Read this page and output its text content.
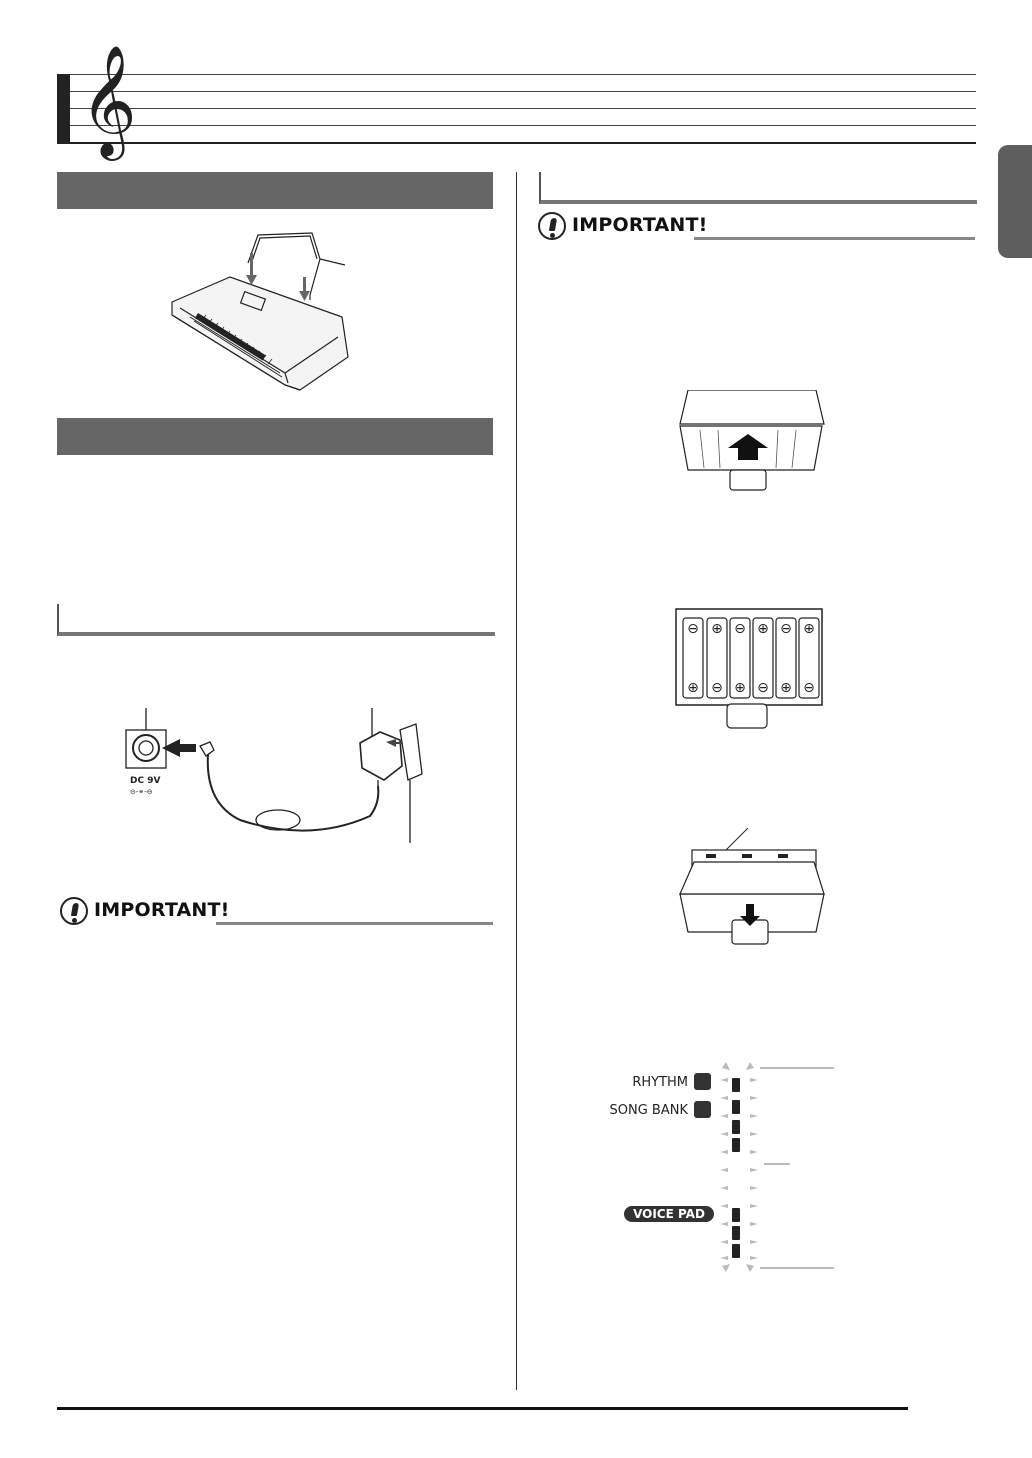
𝄞
DC 9V
⊝-⚭-⊖
IMPORTANT!
IMPORTANT!
⊖
⊕
⊕
⊖
⊖
⊕
⊕
⊖
⊖
⊕
⊕
⊖
RHYTHM
SONG BANK
VOICE PAD
